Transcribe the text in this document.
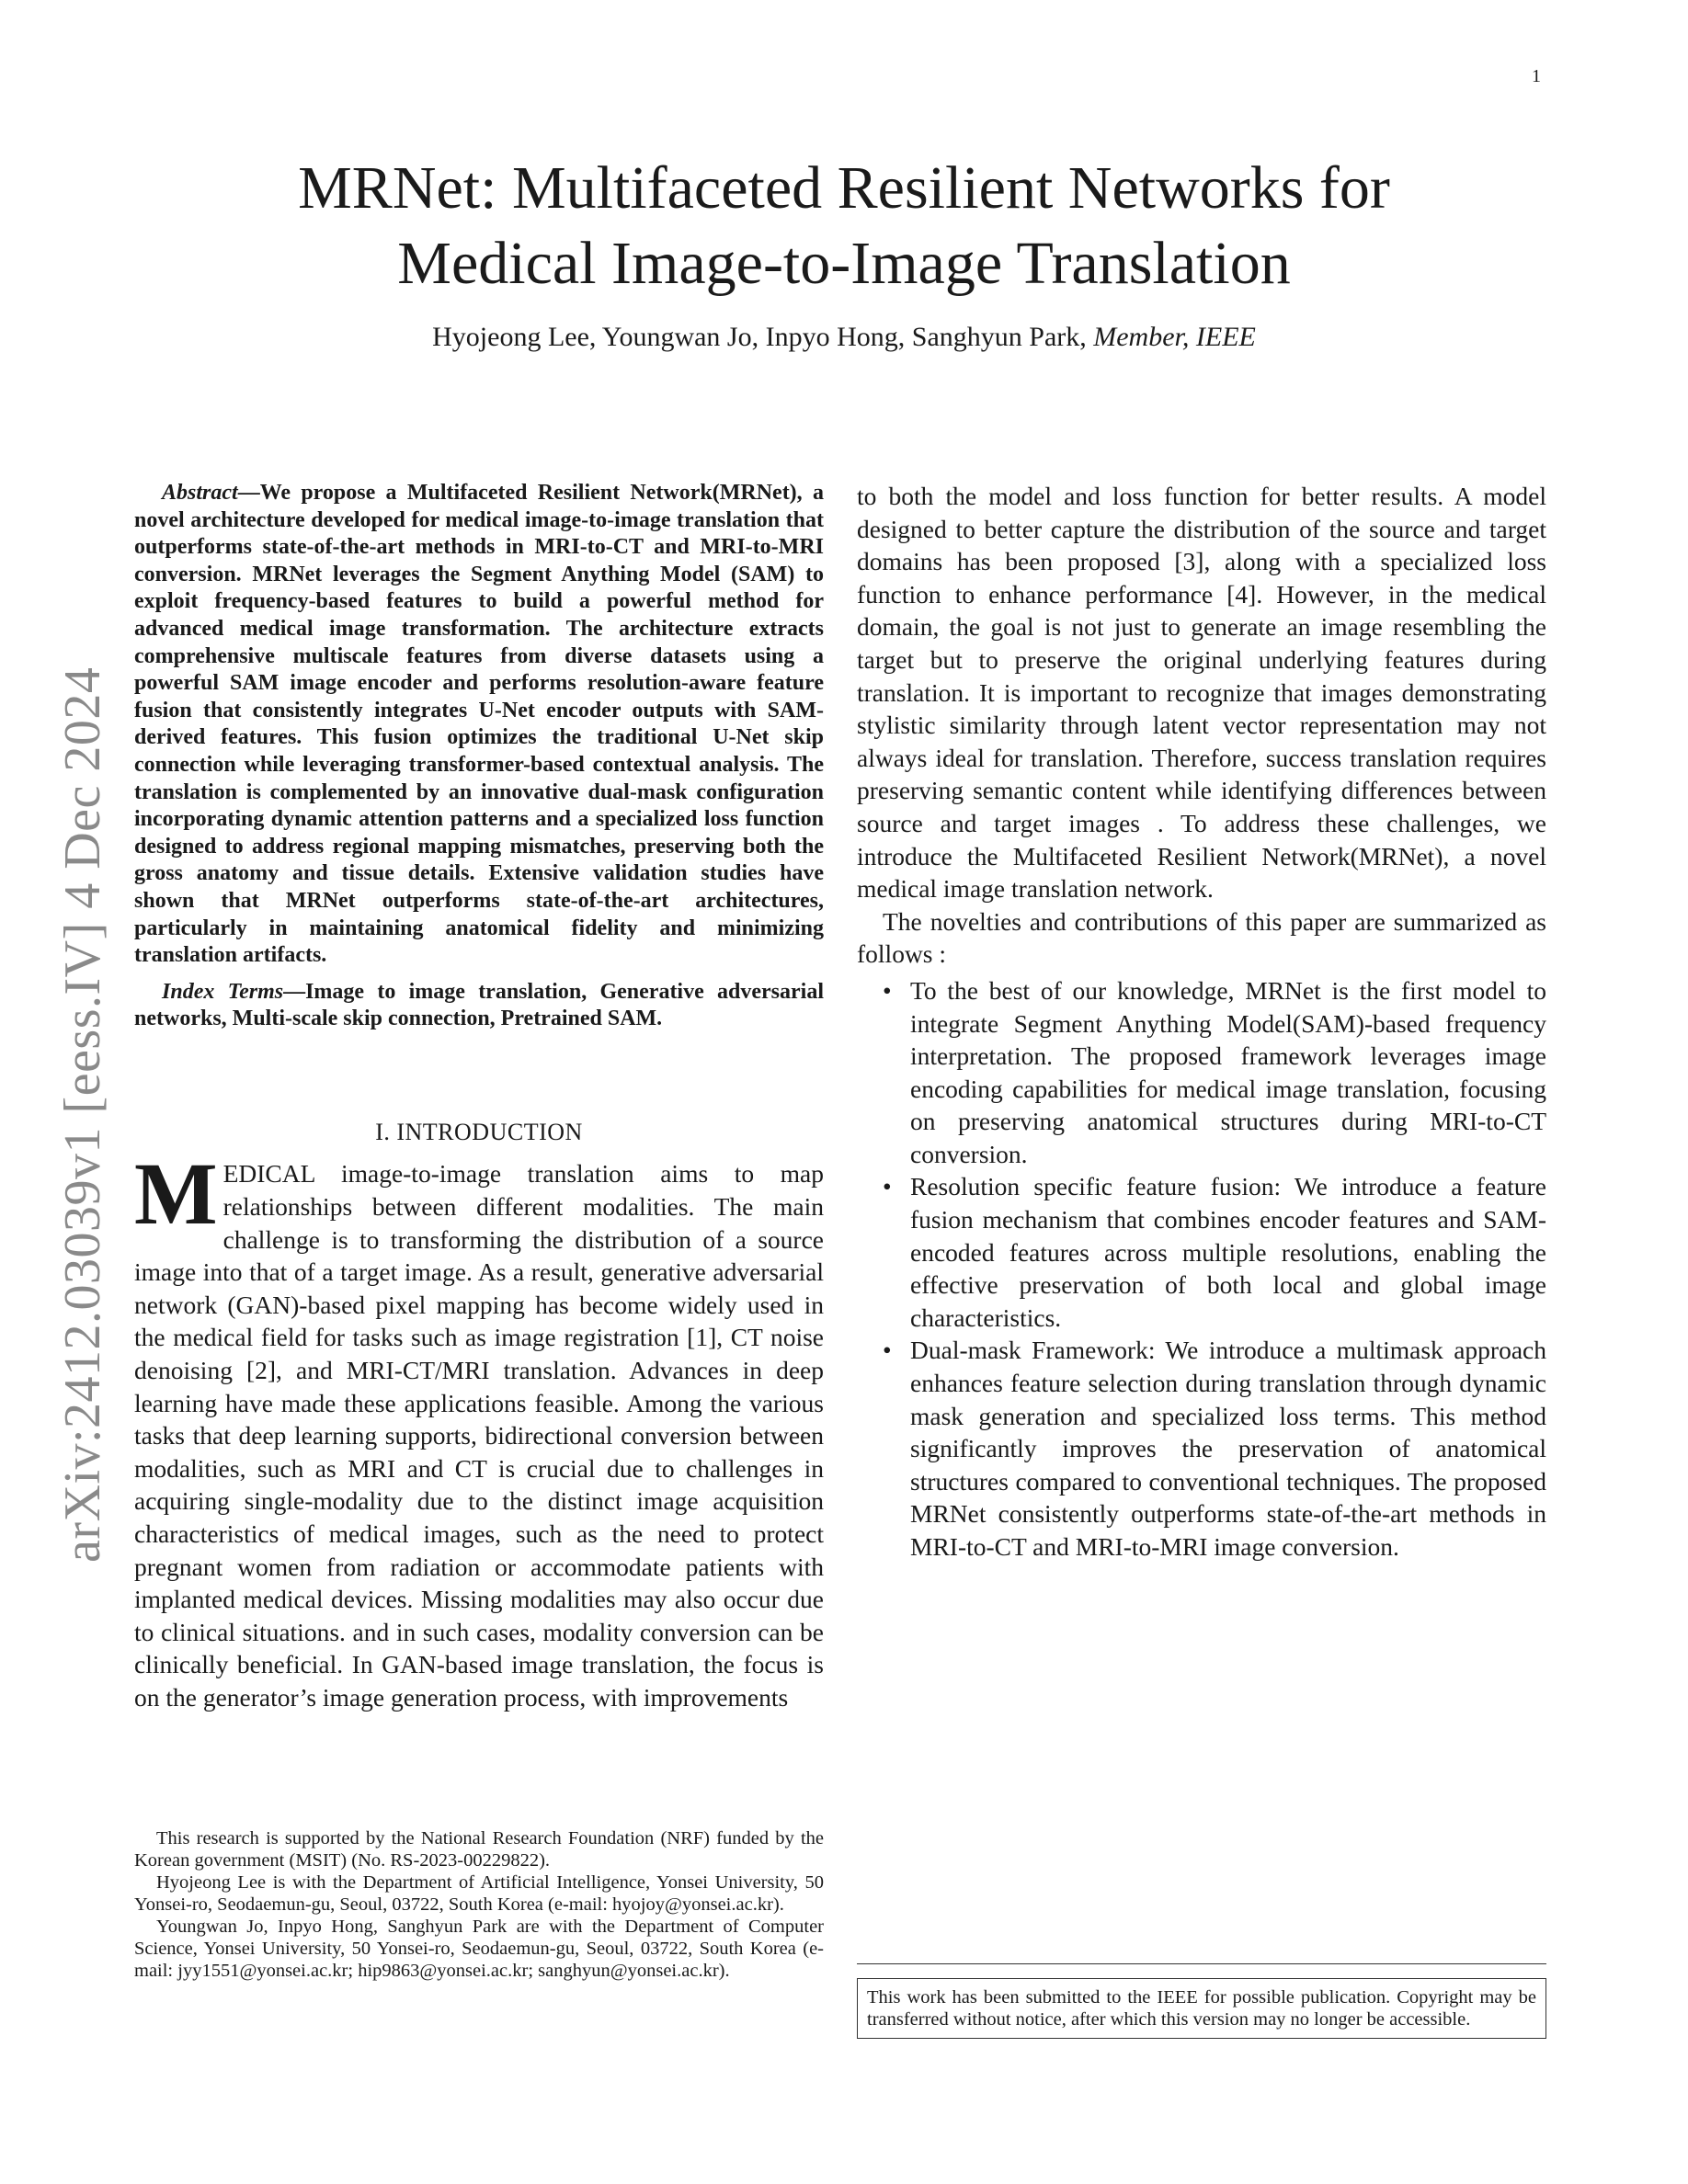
1
arXiv:2412.03039v1 [eess.IV] 4 Dec 2024
MRNet: Multifaceted Resilient Networks for
Medical Image-to-Image Translation
Hyojeong Lee, Youngwan Jo, Inpyo Hong, Sanghyun Park, Member, IEEE

Abstract—We propose a Multifaceted Resilient Network(MRNet), a novel architecture developed for medical image-to-image translation that outperforms state-of-the-art methods in MRI-to-CT and MRI-to-MRI conversion. MRNet leverages the Segment Anything Model (SAM) to exploit frequency-based features to build a powerful method for advanced medical image transformation. The architecture extracts comprehensive multiscale features from diverse datasets using a powerful SAM image encoder and performs resolution-aware feature fusion that consistently integrates U-Net encoder outputs with SAM-derived features. This fusion optimizes the traditional U-Net skip connection while leveraging transformer-based contextual analysis. The translation is complemented by an innovative dual-mask configuration incorporating dynamic attention patterns and a specialized loss function designed to address regional mapping mismatches, preserving both the gross anatomy and tissue details. Extensive validation studies have shown that MRNet outperforms state-of-the-art architectures, particularly in maintaining anatomical fidelity and minimizing translation artifacts.

Index Terms—Image to image translation, Generative adversarial networks, Multi-scale skip connection, Pretrained SAM.

I. INTRODUCTION

MEDICAL image-to-image translation aims to map relationships between different modalities. The main challenge is to transforming the distribution of a source image into that of a target image. As a result, generative adversarial network (GAN)-based pixel mapping has become widely used in the medical field for tasks such as image registration [1], CT noise denoising [2], and MRI-CT/MRI translation. Advances in deep learning have made these applications feasible. Among the various tasks that deep learning supports, bidirectional conversion between modalities, such as MRI and CT is crucial due to challenges in acquiring single-modality due to the distinct image acquisition characteristics of medical images, such as the need to protect pregnant women from radiation or accommodate patients with implanted medical devices. Missing modalities may also occur due to clinical situations. and in such cases, modality conversion can be clinically beneficial. In GAN-based image translation, the focus is on the generator’s image generation process, with improvements

to both the model and loss function for better results. A model designed to better capture the distribution of the source and target domains has been proposed [3], along with a specialized loss function to enhance performance [4]. However, in the medical domain, the goal is not just to generate an image resembling the target but to preserve the original underlying features during translation. It is important to recognize that images demonstrating stylistic similarity through latent vector representation may not always ideal for translation. Therefore, success translation requires preserving semantic content while identifying differences between source and target images . To address these challenges, we introduce the Multifaceted Resilient Network(MRNet), a novel medical image translation network.

The novelties and contributions of this paper are summarized as follows :

• To the best of our knowledge, MRNet is the first model to integrate Segment Anything Model(SAM)-based frequency interpretation. The proposed framework leverages image encoding capabilities for medical image translation, focusing on preserving anatomical structures during MRI-to-CT conversion.
• Resolution specific feature fusion: We introduce a feature fusion mechanism that combines encoder features and SAM-encoded features across multiple resolutions, enabling the effective preservation of both local and global image characteristics.
• Dual-mask Framework: We introduce a multimask approach enhances feature selection during translation through dynamic mask generation and specialized loss terms. This method significantly improves the preservation of anatomical structures compared to conventional techniques. The proposed MRNet consistently outperforms state-of-the-art methods in MRI-to-CT and MRI-to-MRI image conversion.

This research is supported by the National Research Foundation (NRF) funded by the Korean government (MSIT) (No. RS-2023-00229822).

Hyojeong Lee is with the Department of Artificial Intelligence, Yonsei University, 50 Yonsei-ro, Seodaemun-gu, Seoul, 03722, South Korea (e-mail: hyojoy@yonsei.ac.kr).

Youngwan Jo, Inpyo Hong, Sanghyun Park are with the Department of Computer Science, Yonsei University, 50 Yonsei-ro, Seodaemun-gu, Seoul, 03722, South Korea (e-mail: jyy1551@yonsei.ac.kr; hip9863@yonsei.ac.kr; sanghyun@yonsei.ac.kr).

This work has been submitted to the IEEE for possible publication. Copyright may be transferred without notice, after which this version may no longer be accessible.
